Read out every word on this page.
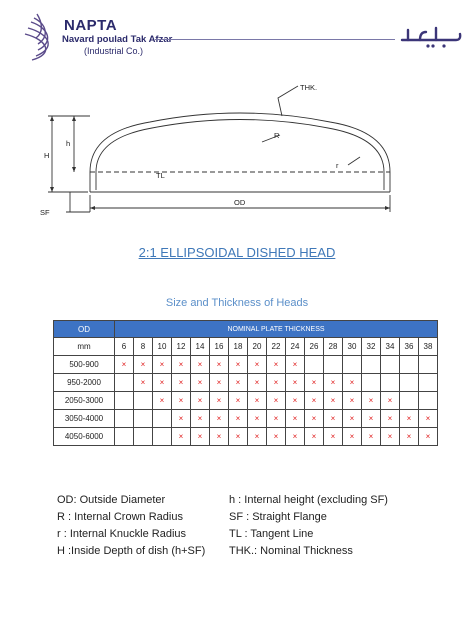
NAPTA
Navard poulad Tak Afzar
(Industrial Co.)
THK.
R
r
H
h
TL
OD
SF
2:1 ELLIPSOIDAL DISHED HEAD
Size and Thickness of Heads
OD	NOMINAL PLATE THICKNESS																
mm	6	8	10	12	14	16	18	20	22	24	26	28	30	32	34	36	38
500-900	×	×	×	×	×	×	×	×	×	×							
950-2000		×	×	×	×	×	×	×	×	×	×	×	×				
2050-3000			×	×	×	×	×	×	×	×	×	×	×	×	×		
3050-4000				×	×	×	×	×	×	×	×	×	×	×	×	×	×
4050-6000				×	×	×	×	×	×	×	×	×	×	×	×	×	×
OD: Outside Diameter
R : Internal Crown Radius
r : Internal Knuckle Radius
H :Inside Depth of dish (h+SF)
h : Internal height (excluding SF)
SF : Straight Flange
TL : Tangent Line
THK.: Nominal Thickness
